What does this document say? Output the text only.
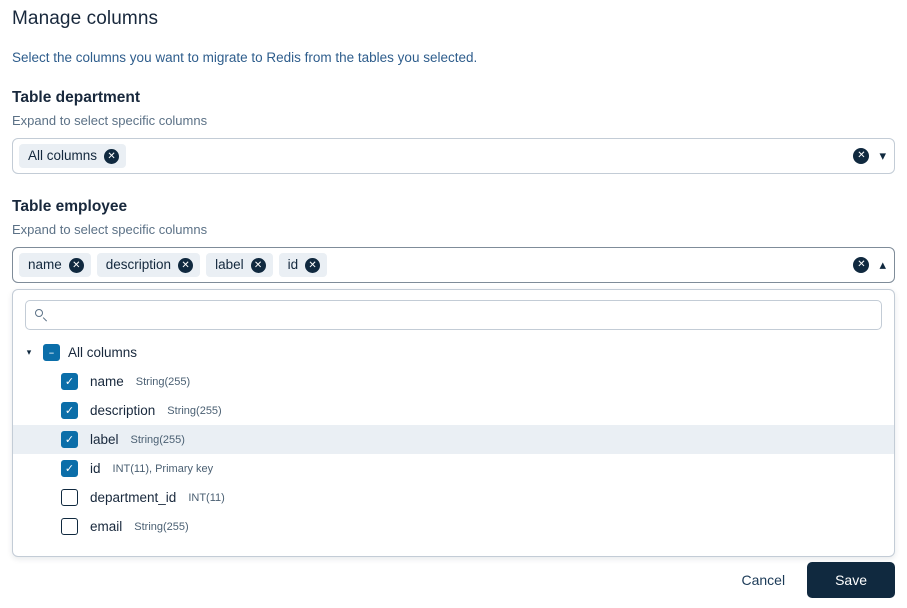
Manage columns

Select the columns you want to migrate to Redis from the tables you selected.

Table department

Expand to select specific columns

All columns	✕	✕ ▾
Table employee

Expand to select specific columns

name	✕ description	✕ label	✕ id	✕	✕ ▴
▾	–	All columns
✓ name String(255)
✓ description String(255)
✓ label String(255)
✓ id INT(11), Primary key
department_id INT(11)
email String(255)
Cancel	Save
